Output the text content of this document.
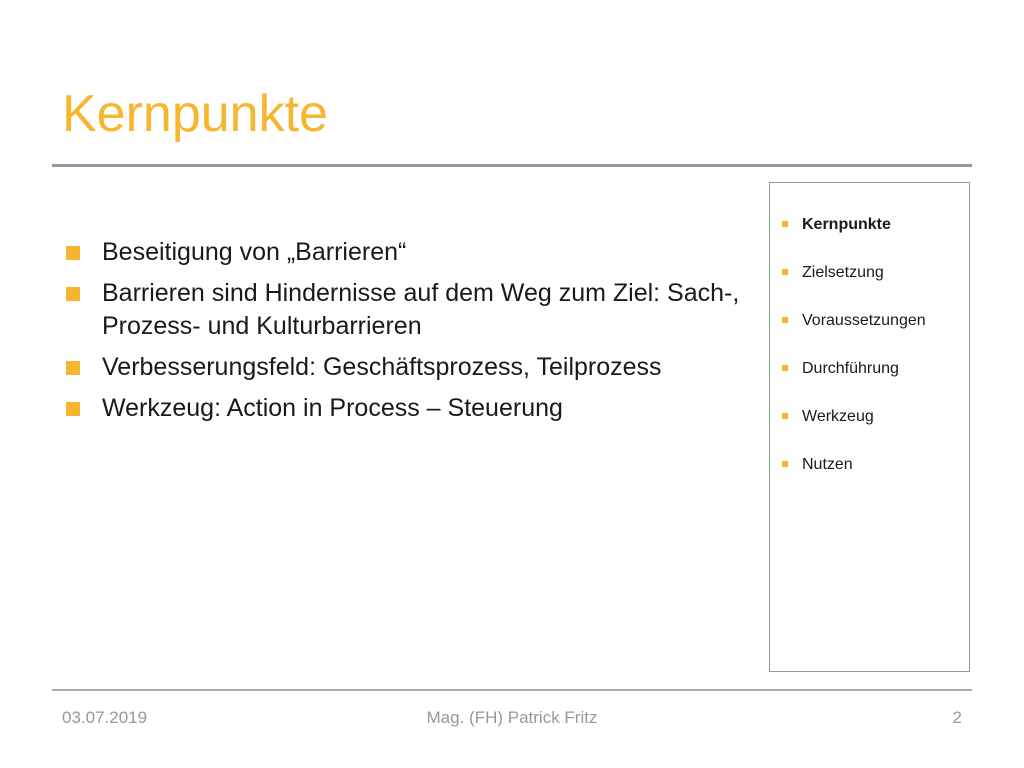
Kernpunkte
Beseitigung von „Barrieren“
Barrieren sind Hindernisse auf dem Weg zum Ziel: Sach-, Prozess- und Kulturbarrieren
Verbesserungsfeld: Geschäftsprozess, Teilprozess
Werkzeug: Action in Process – Steuerung
Kernpunkte
Zielsetzung
Voraussetzungen
Durchführung
Werkzeug
Nutzen
03.07.2019	Mag. (FH) Patrick Fritz	2
